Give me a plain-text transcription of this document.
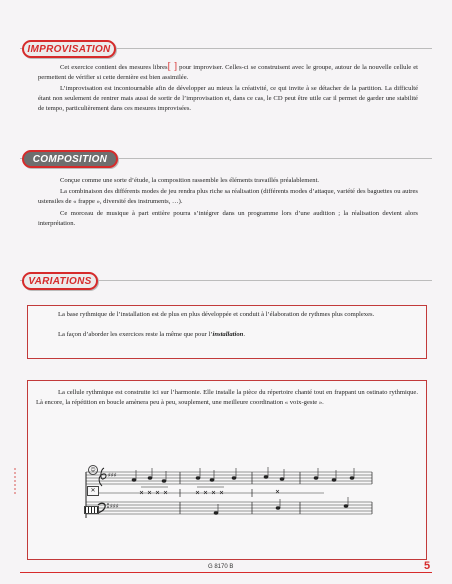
IMPROVISATION

Cet exercice contient des mesures libres[ ] pour improviser. Celles-ci se construisent avec le groupe, autour de la nouvelle cellule et permettent de vérifier si cette dernière est bien assimilée.

L’improvisation est incontournable afin de développer au mieux la créativité, ce qui invite à se détacher de la partition. La difficulté étant non seulement de rentrer mais aussi de sortir de l’improvisation et, dans ce cas, le CD peut être utile car il permet de garder une stabilité de tempo, particulièrement dans ces mesures improvisées.

COMPOSITION

Conçue comme une sorte d’étude, la composition rassemble les éléments travaillés préalablement.

La combinaison des différents modes de jeu rendra plus riche sa réalisation (différents modes d’attaque, variété des baguettes ou autres ustensiles de « frappe », diversité des instruments, …).

Ce morceau de musique à part entière pourra s’intégrer dans un programme lors d’une audition ; la réalisation devient alors interprétation.

VARIATIONS

La base rythmique de l’installation est de plus en plus développée et conduit à l’élaboration de rythmes plus complexes.

La façon d’aborder les exercices reste la même que pour l’installation.

La cellule rythmique est construite ici sur l’harmonie. Elle installe la pièce du répertoire chanté tout en frappant un ostinato rythmique. Là encore, la répétition en boucle amènera peu à peu, souplement, une meilleure coordination « voix-geste ».

♯♯♯
♯♯♯
☺
✕
G 8170 B	5
